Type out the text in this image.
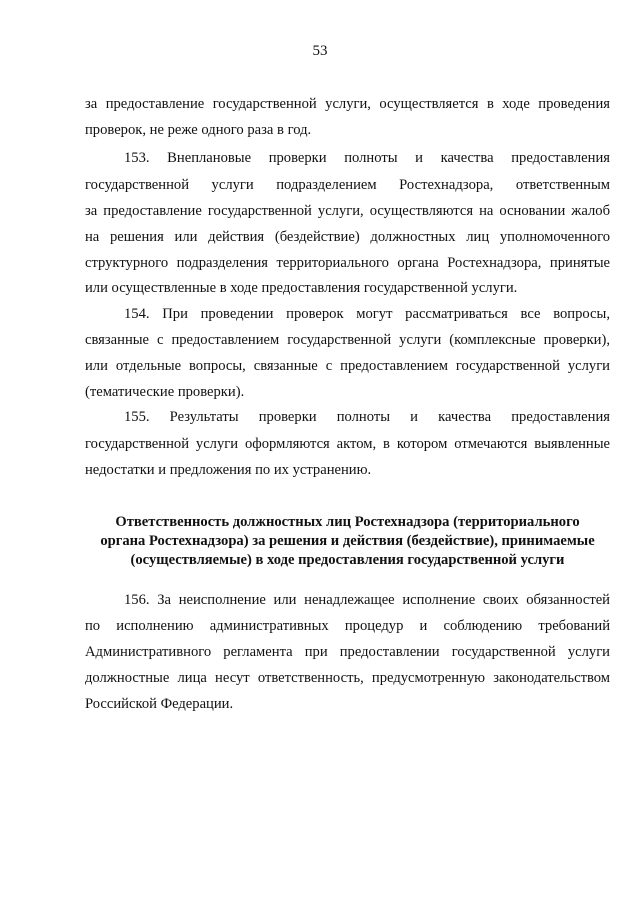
53
за предоставление государственной услуги, осуществляется в ходе проведения
проверок, не реже одного раза в год.
153. Внеплановые проверки полноты и качества предоставления
государственной услуги подразделением Ростехнадзора, ответственным
за предоставление государственной услуги, осуществляются на основании жалоб
на решения или действия (бездействие) должностных лиц уполномоченного
структурного подразделения территориального органа Ростехнадзора, принятые
или осуществленные в ходе предоставления государственной услуги.
154. При проведении проверок могут рассматриваться все вопросы,
связанные с предоставлением государственной услуги (комплексные проверки),
или отдельные вопросы, связанные с предоставлением государственной услуги
(тематические проверки).
155. Результаты проверки полноты и качества предоставления
государственной услуги оформляются актом, в котором отмечаются выявленные
недостатки и предложения по их устранению.
Ответственность должностных лиц Ростехнадзора (территориального
органа Ростехнадзора) за решения и действия (бездействие), принимаемые
(осуществляемые) в ходе предоставления государственной услуги
156. За неисполнение или ненадлежащее исполнение своих обязанностей
по исполнению административных процедур и соблюдению требований
Административного регламента при предоставлении государственной услуги
должностные лица несут ответственность, предусмотренную законодательством
Российской Федерации.
